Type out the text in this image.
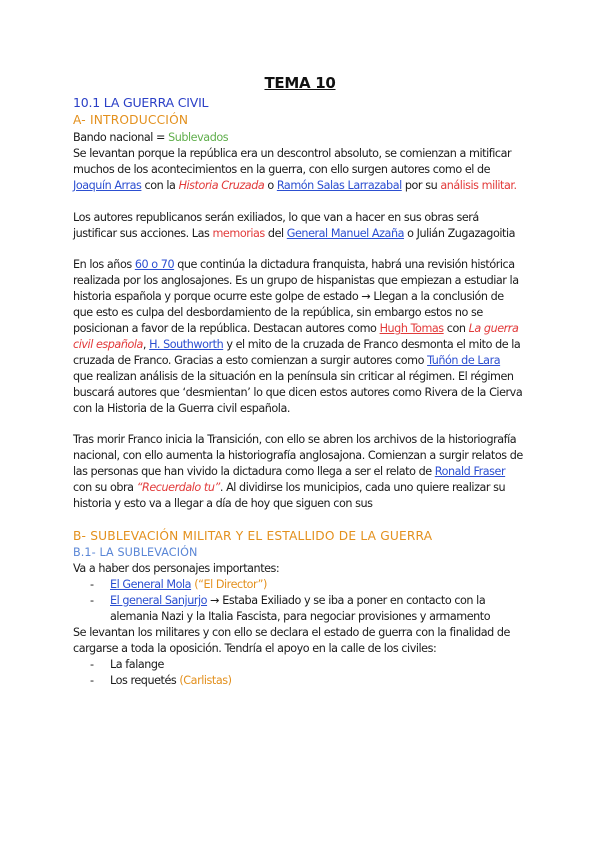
TEMA 10
10.1 LA GUERRA CIVIL
A- INTRODUCCIÓN
Bando nacional = Sublevados
Se levantan porque la república era un descontrol absoluto, se comienzan a mitificar
muchos de los acontecimientos en la guerra, con ello surgen autores como el de
Joaquín Arras con la Historia Cruzada o Ramón Salas Larrazabal por su análisis militar.
Los autores republicanos serán exiliados, lo que van a hacer en sus obras será
justificar sus acciones. Las memorias del General Manuel Azaña o Julián Zugazagoitia
En los años 60 o 70 que continúa la dictadura franquista, habrá una revisión histórica
realizada por los anglosajones. Es un grupo de hispanistas que empiezan a estudiar la
historia española y porque ocurre este golpe de estado → Llegan a la conclusión de
que esto es culpa del desbordamiento de la república, sin embargo estos no se
posicionan a favor de la república. Destacan autores como Hugh Tomas con La guerra
civil española, H. Southworth y el mito de la cruzada de Franco desmonta el mito de la
cruzada de Franco. Gracias a esto comienzan a surgir autores como Tuñón de Lara
que realizan análisis de la situación en la península sin criticar al régimen. El régimen
buscará autores que ‘desmientan’ lo que dicen estos autores como Rivera de la Cierva
con la Historia de la Guerra civil española.
Tras morir Franco inicia la Transición, con ello se abren los archivos de la historiografía
nacional, con ello aumenta la historiografía anglosajona. Comienzan a surgir relatos de
las personas que han vivido la dictadura como llega a ser el relato de Ronald Fraser
con su obra “Recuerdalo tu”. Al dividirse los municipios, cada uno quiere realizar su
historia y esto va a llegar a día de hoy que siguen con sus
B- SUBLEVACIÓN MILITAR Y EL ESTALLIDO DE LA GUERRA
B.1- LA SUBLEVACIÓN
Va a haber dos personajes importantes:
- El General Mola (“El Director”)
- El general Sanjurjo → Estaba Exiliado y se iba a poner en contacto con la
alemania Nazi y la Italia Fascista, para negociar provisiones y armamento
Se levantan los militares y con ello se declara el estado de guerra con la finalidad de
cargarse a toda la oposición. Tendría el apoyo en la calle de los civiles:
- La falange
- Los requetés (Carlistas)
